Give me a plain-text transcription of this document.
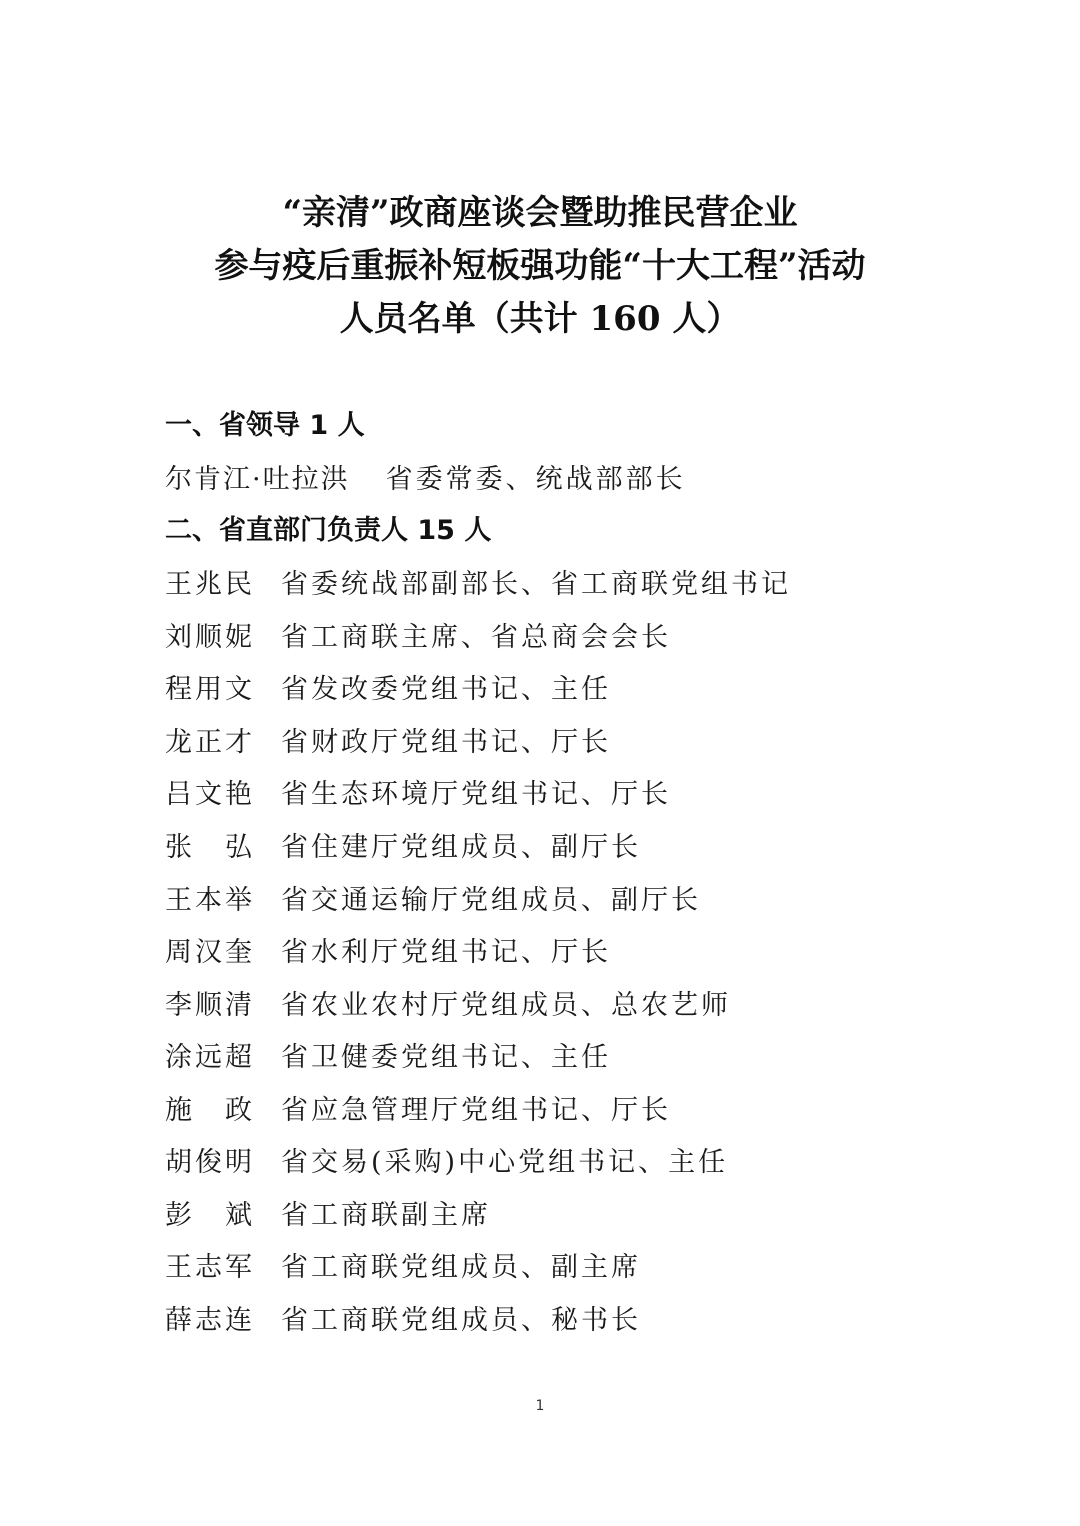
“亲清”政商座谈会暨助推民营企业
参与疫后重振补短板强功能“十大工程”活动
人员名单（共计 160 人）
一、省领导 1 人
尔肯江·吐拉洪 省委常委、统战部部长
二、省直部门负责人 15 人
王兆民 省委统战部副部长、省工商联党组书记
刘顺妮 省工商联主席、省总商会会长
程用文 省发改委党组书记、主任
龙正才 省财政厅党组书记、厅长
吕文艳 省生态环境厅党组书记、厅长
张　弘 省住建厅党组成员、副厅长
王本举 省交通运输厅党组成员、副厅长
周汉奎 省水利厅党组书记、厅长
李顺清 省农业农村厅党组成员、总农艺师
涂远超 省卫健委党组书记、主任
施　政 省应急管理厅党组书记、厅长
胡俊明 省交易(采购)中心党组书记、主任
彭　斌 省工商联副主席
王志军 省工商联党组成员、副主席
薛志连 省工商联党组成员、秘书长
1
